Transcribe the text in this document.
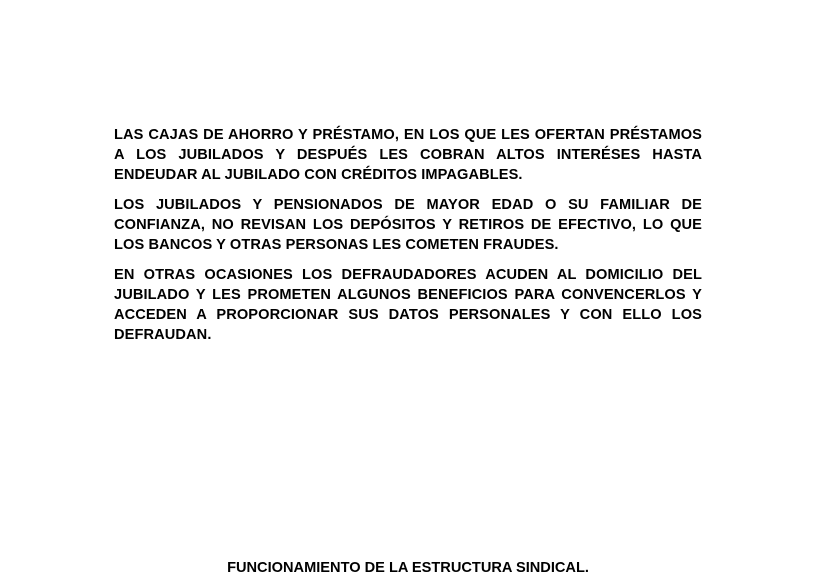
LAS CAJAS DE AHORRO Y PRÉSTAMO, EN LOS QUE LES OFERTAN PRÉSTAMOS A LOS JUBILADOS Y DESPUÉS LES COBRAN ALTOS INTERÉSES HASTA ENDEUDAR AL JUBILADO CON CRÉDITOS IMPAGABLES.

LOS JUBILADOS Y PENSIONADOS DE MAYOR EDAD O SU FAMILIAR DE CONFIANZA, NO REVISAN LOS DEPÓSITOS Y RETIROS DE EFECTIVO, LO QUE LOS BANCOS Y OTRAS PERSONAS LES COMETEN FRAUDES.

EN OTRAS OCASIONES LOS DEFRAUDADORES ACUDEN AL DOMICILIO DEL JUBILADO Y LES PROMETEN ALGUNOS BENEFICIOS PARA CONVENCERLOS Y ACCEDEN A PROPORCIONAR SUS DATOS PERSONALES Y CON ELLO LOS DEFRAUDAN.

FUNCIONAMIENTO DE LA ESTRUCTURA SINDICAL.
